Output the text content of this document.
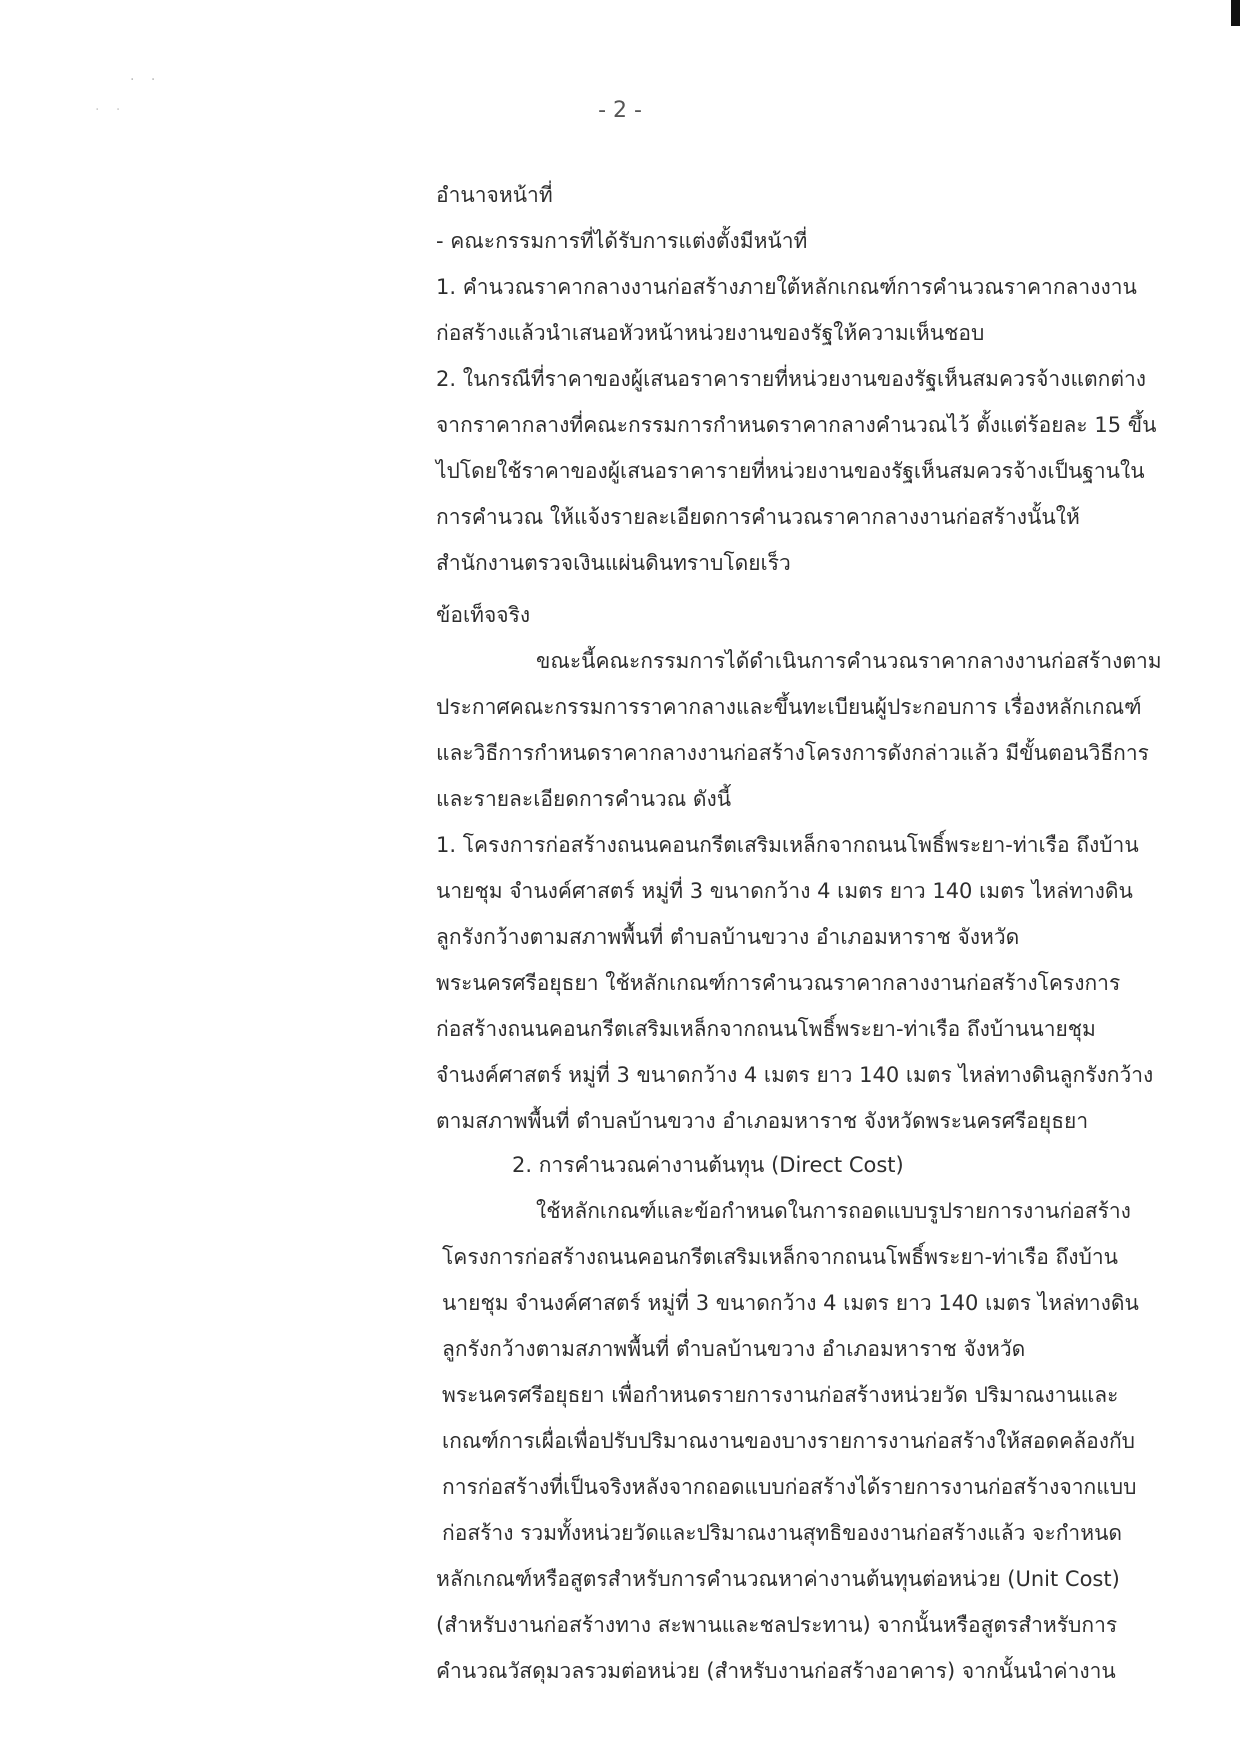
· ·
· ·	- 2 -
อำนาจหน้าที่
- คณะกรรมการที่ได้รับการแต่งตั้งมีหน้าที่
1. คำนวณราคากลางงานก่อสร้างภายใต้หลักเกณฑ์การคำนวณราคากลางงาน
ก่อสร้างแล้วนำเสนอหัวหน้าหน่วยงานของรัฐให้ความเห็นชอบ
2. ในกรณีที่ราคาของผู้เสนอราคารายที่หน่วยงานของรัฐเห็นสมควรจ้างแตกต่าง
จากราคากลางที่คณะกรรมการกำหนดราคากลางคำนวณไว้ ตั้งแต่ร้อยละ 15 ขึ้น
ไปโดยใช้ราคาของผู้เสนอราคารายที่หน่วยงานของรัฐเห็นสมควรจ้างเป็นฐานใน
การคำนวณ ให้แจ้งรายละเอียดการคำนวณราคากลางงานก่อสร้างนั้นให้
สำนักงานตรวจเงินแผ่นดินทราบโดยเร็ว
ข้อเท็จจริง
ขณะนี้คณะกรรมการได้ดำเนินการคำนวณราคากลางงานก่อสร้างตาม
ประกาศคณะกรรมการราคากลางและขึ้นทะเบียนผู้ประกอบการ เรื่องหลักเกณฑ์
และวิธีการกำหนดราคากลางงานก่อสร้างโครงการดังกล่าวแล้ว มีขั้นตอนวิธีการ
และรายละเอียดการคำนวณ ดังนี้
1. โครงการก่อสร้างถนนคอนกรีตเสริมเหล็กจากถนนโพธิ์พระยา-ท่าเรือ ถึงบ้าน
นายชุม จำนงค์ศาสตร์ หมู่ที่ 3 ขนาดกว้าง 4 เมตร ยาว 140 เมตร ไหล่ทางดิน
ลูกรังกว้างตามสภาพพื้นที่ ตำบลบ้านขวาง อำเภอมหาราช จังหวัด
พระนครศรีอยุธยา ใช้หลักเกณฑ์การคำนวณราคากลางงานก่อสร้างโครงการ
ก่อสร้างถนนคอนกรีตเสริมเหล็กจากถนนโพธิ์พระยา-ท่าเรือ ถึงบ้านนายชุม
จำนงค์ศาสตร์ หมู่ที่ 3 ขนาดกว้าง 4 เมตร ยาว 140 เมตร ไหล่ทางดินลูกรังกว้าง
ตามสภาพพื้นที่ ตำบลบ้านขวาง อำเภอมหาราช จังหวัดพระนครศรีอยุธยา
2. การคำนวณค่างานต้นทุน (Direct Cost)
ใช้หลักเกณฑ์และข้อกำหนดในการถอดแบบรูปรายการงานก่อสร้าง
โครงการก่อสร้างถนนคอนกรีตเสริมเหล็กจากถนนโพธิ์พระยา-ท่าเรือ ถึงบ้าน
นายชุม จำนงค์ศาสตร์ หมู่ที่ 3 ขนาดกว้าง 4 เมตร ยาว 140 เมตร ไหล่ทางดิน
ลูกรังกว้างตามสภาพพื้นที่ ตำบลบ้านขวาง อำเภอมหาราช จังหวัด
พระนครศรีอยุธยา เพื่อกำหนดรายการงานก่อสร้างหน่วยวัด ปริมาณงานและ
เกณฑ์การเผื่อเพื่อปรับปริมาณงานของบางรายการงานก่อสร้างให้สอดคล้องกับ
การก่อสร้างที่เป็นจริงหลังจากถอดแบบก่อสร้างได้รายการงานก่อสร้างจากแบบ
ก่อสร้าง รวมทั้งหน่วยวัดและปริมาณงานสุทธิของงานก่อสร้างแล้ว จะกำหนด
หลักเกณฑ์หรือสูตรสำหรับการคำนวณหาค่างานต้นทุนต่อหน่วย (Unit Cost)
(สำหรับงานก่อสร้างทาง สะพานและชลประทาน) จากนั้นหรือสูตรสำหรับการ
คำนวณวัสดุมวลรวมต่อหน่วย (สำหรับงานก่อสร้างอาคาร) จากนั้นนำค่างาน
